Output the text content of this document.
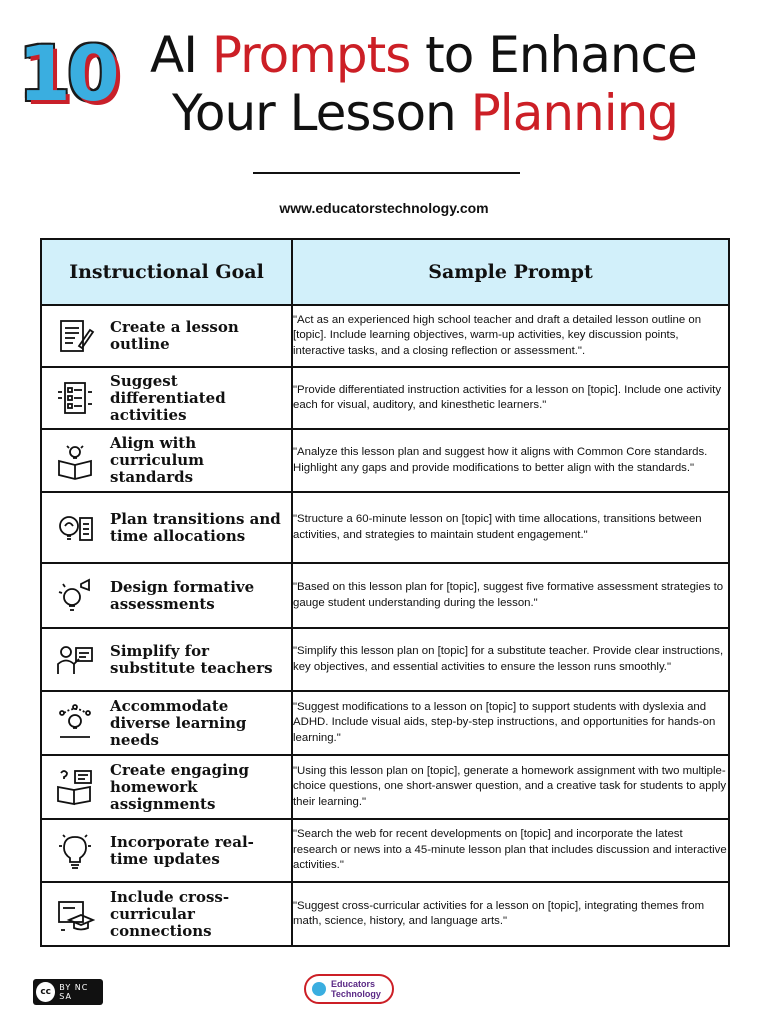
10 AI Prompts to Enhance
Your Lesson Planning
www.educatorstechnology.com
Instructional Goal	Sample Prompt

Create a lesson outline	"Act as an experienced high school teacher and draft a detailed lesson outline on [topic]. Include learning objectives, warm-up activities, key discussion points, interactive tasks, and a closing reflection or assessment.".

Suggest differentiated activities	"Provide differentiated instruction activities for a lesson on [topic]. Include one activity each for visual, auditory, and kinesthetic learners."

Align with curriculum standards	"Analyze this lesson plan and suggest how it aligns with Common Core standards. Highlight any gaps and provide modifications to better align with the standards."

Plan transitions and time allocations	"Structure a 60-minute lesson on [topic] with time allocations, transitions between activities, and strategies to maintain student engagement."

Design formative assessments	"Based on this lesson plan for [topic], suggest five formative assessment strategies to gauge student understanding during the lesson."

Simplify for substitute teachers	"Simplify this lesson plan on [topic] for a substitute teacher. Provide clear instructions, key objectives, and essential activities to ensure the lesson runs smoothly."

Accommodate diverse learning needs	"Suggest modifications to a lesson on [topic] to support students with dyslexia and ADHD. Include visual aids, step-by-step instructions, and opportunities for hands-on learning."

Create engaging homework assignments	"Using this lesson plan on [topic], generate a homework assignment with two multiple-choice questions, one short-answer question, and a creative task for students to apply their learning."

Incorporate real-time updates	"Search the web for recent developments on [topic] and incorporate the latest research or news into a 45-minute lesson plan that includes discussion and interactive activities."

Include cross-curricular connections	"Suggest cross-curricular activities for a lesson on [topic], integrating themes from math, science, history, and language arts."
cc	BY NC SA
Educators
Technology
